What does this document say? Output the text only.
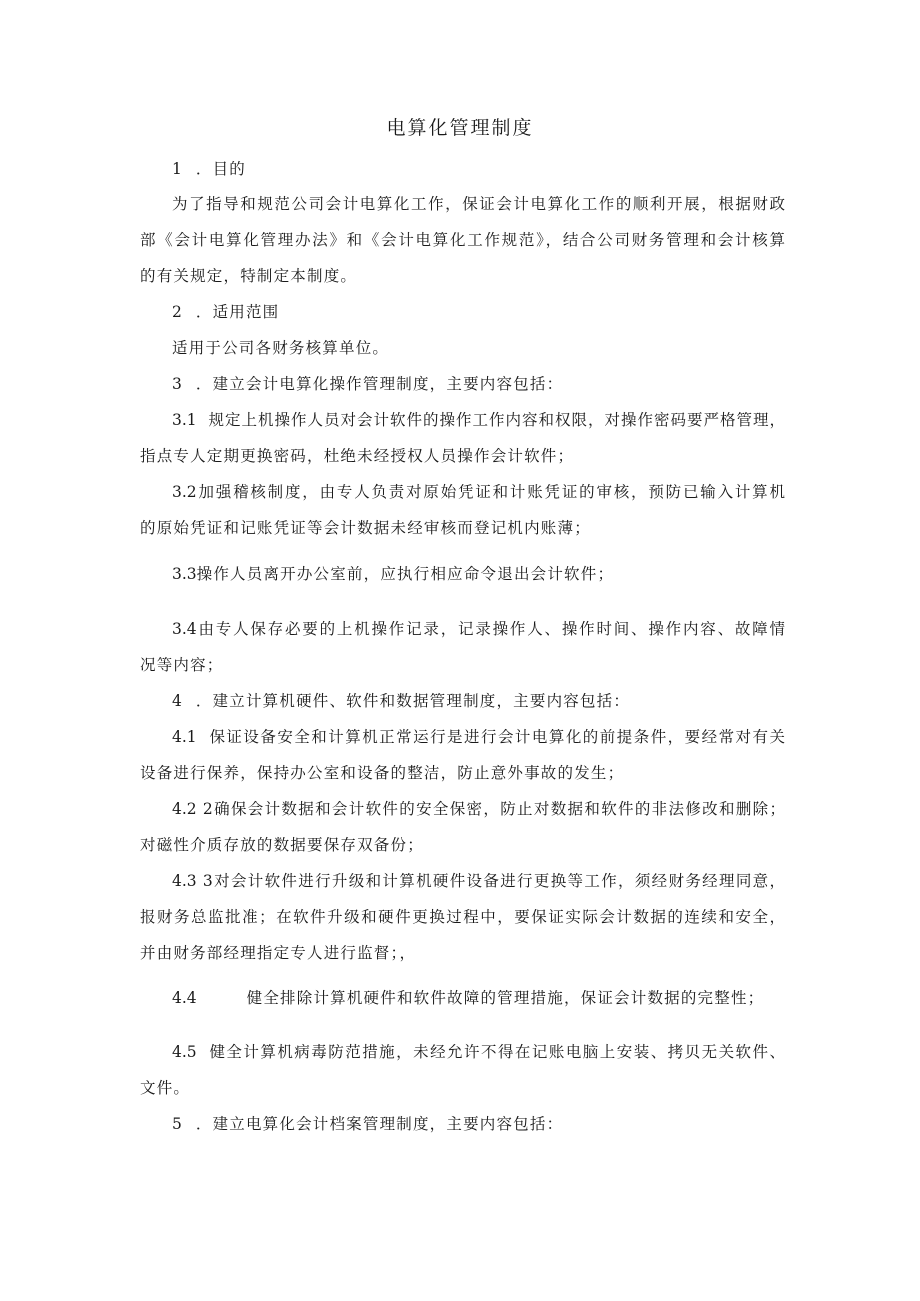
电算化管理制度
1 ．目的
为了指导和规范公司会计电算化工作，保证会计电算化工作的顺利开展，根据财政
部《会计电算化管理办法》和《会计电算化工作规范》，结合公司财务管理和会计核算
的有关规定，特制定本制度。
2 ．适用范围
适用于公司各财务核算单位。
3 ．建立会计电算化操作管理制度，主要内容包括：
3.1 规定上机操作人员对会计软件的操作工作内容和权限，对操作密码要严格管理，
指点专人定期更换密码，杜绝未经授权人员操作会计软件；
3.2加强稽核制度，由专人负责对原始凭证和计账凭证的审核，预防已输入计算机
的原始凭证和记账凭证等会计数据未经审核而登记机内账薄；
3.3操作人员离开办公室前，应执行相应命令退出会计软件；
3.4由专人保存必要的上机操作记录，记录操作人、操作时间、操作内容、故障情
况等内容；
4 ．建立计算机硬件、软件和数据管理制度，主要内容包括：
4.1 保证设备安全和计算机正常运行是进行会计电算化的前提条件，要经常对有关
设备进行保养，保持办公室和设备的整洁，防止意外事故的发生；
4.2 2确保会计数据和会计软件的安全保密，防止对数据和软件的非法修改和删除；
对磁性介质存放的数据要保存双备份；
4.3 3对会计软件进行升级和计算机硬件设备进行更换等工作，须经财务经理同意，
报财务总监批准；在软件升级和硬件更换过程中，要保证实际会计数据的连续和安全，
并由财务部经理指定专人进行监督；，
4.4	健全排除计算机硬件和软件故障的管理措施，保证会计数据的完整性；
4.5 健全计算机病毒防范措施，未经允许不得在记账电脑上安装、拷贝无关软件、
文件。
5 ．建立电算化会计档案管理制度，主要内容包括：
